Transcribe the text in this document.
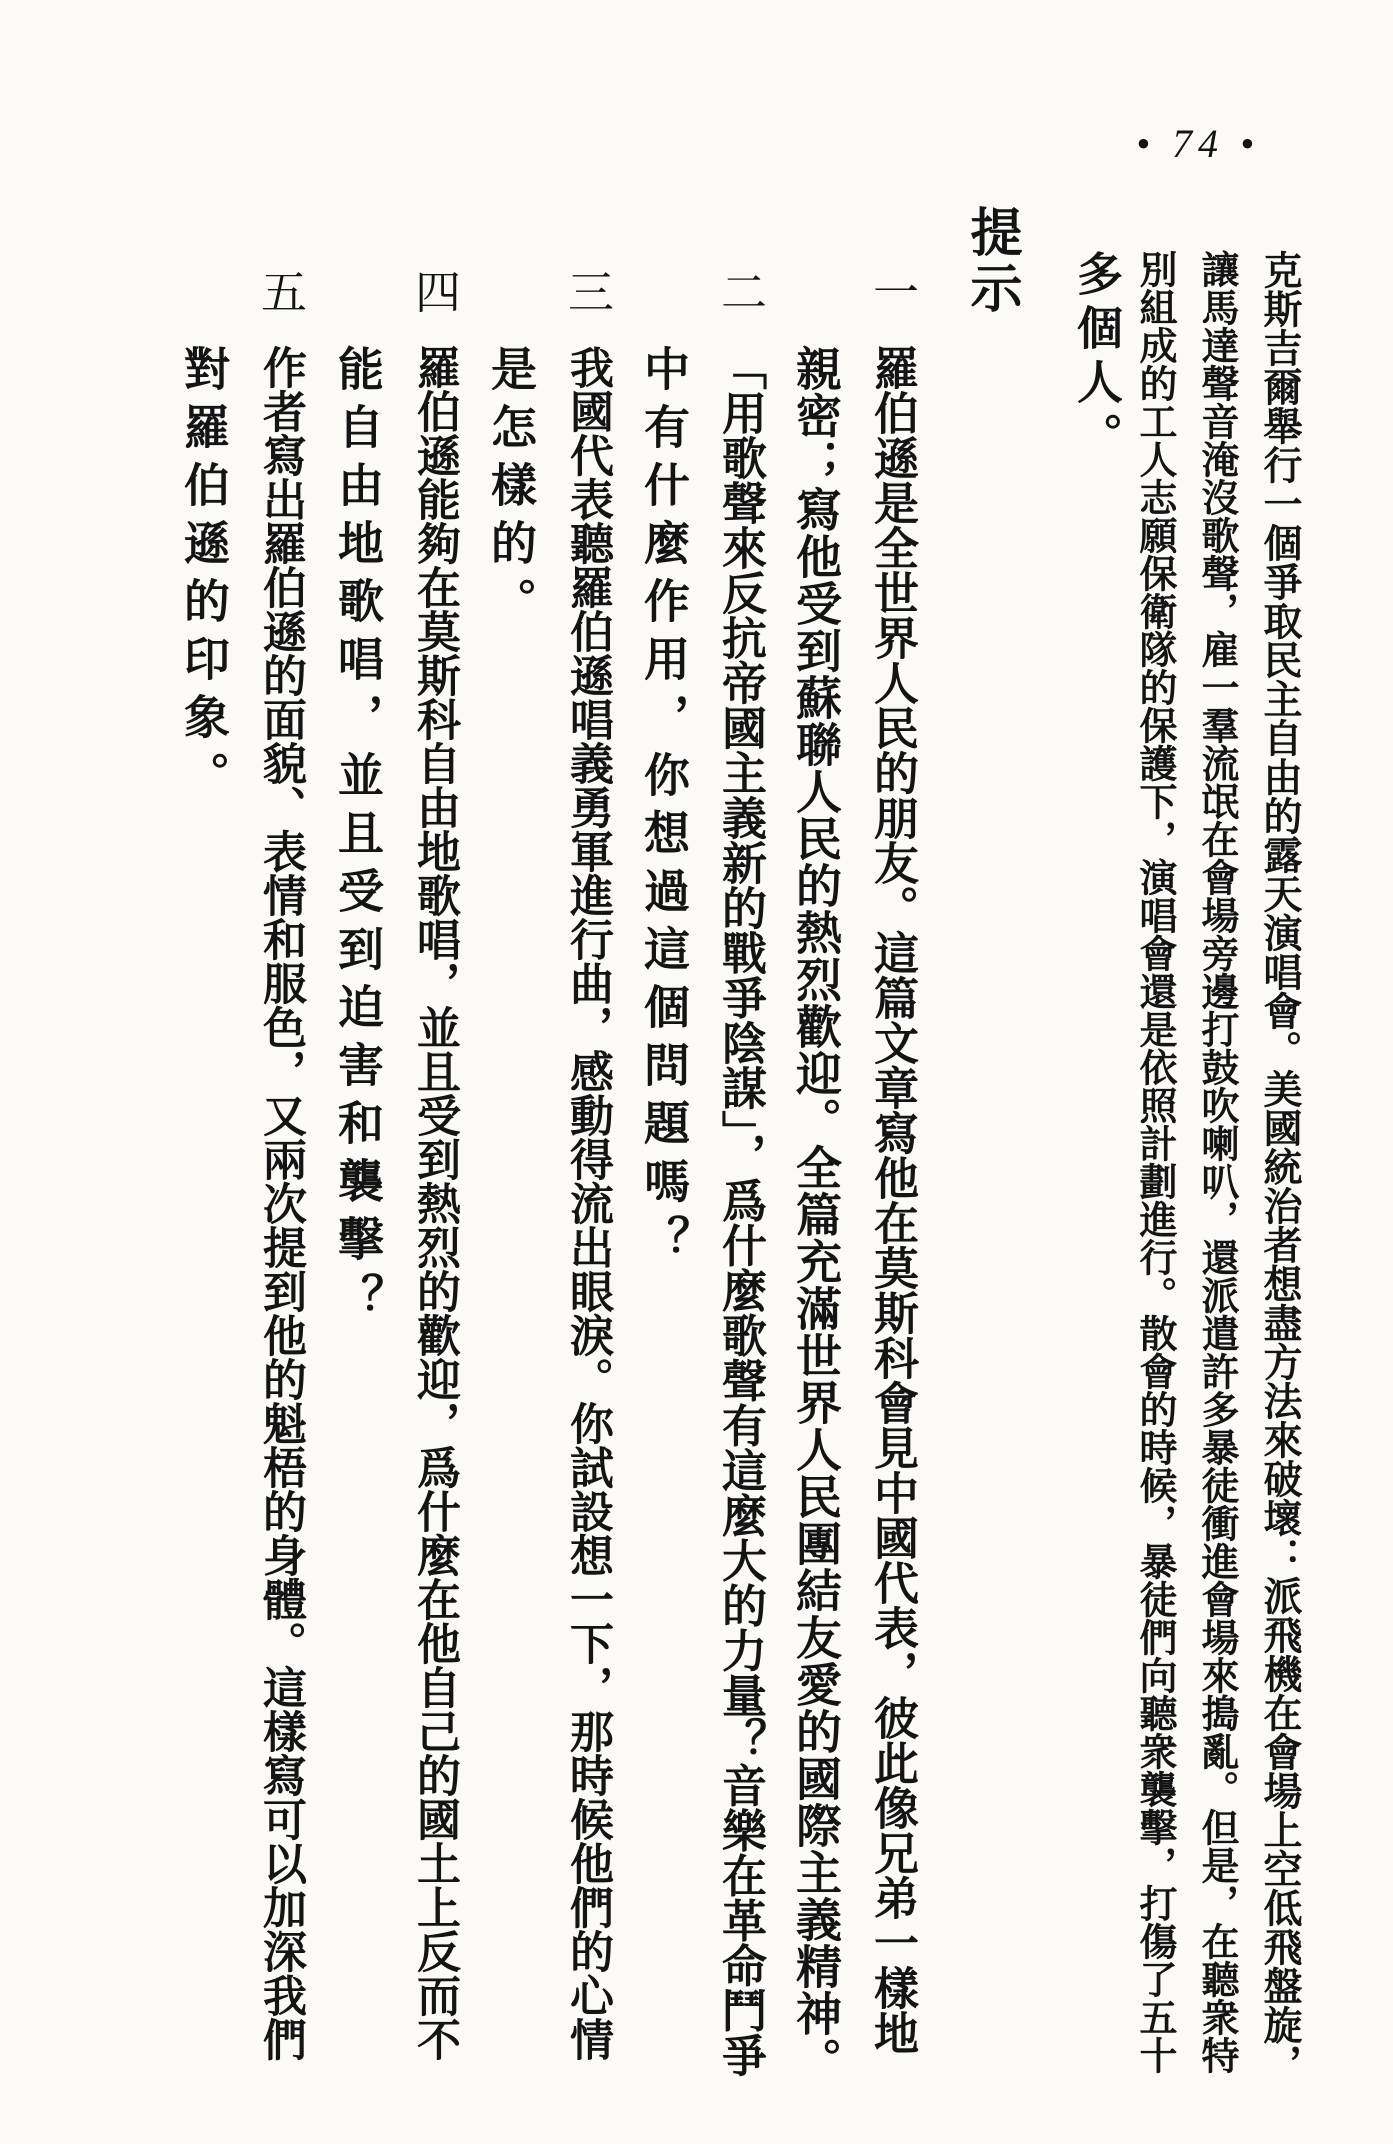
• 74 •
克斯吉爾舉行一個爭取民主自由的露天演唱會。美國統治者想盡方法來破壞：派飛機在會場上空低飛盤旋，
讓馬達聲音淹沒歌聲，雇一羣流氓在會場旁邊打鼓吹喇叭，還派遣許多暴徒衝進會場來搗亂。但是，在聽衆特
別組成的工人志願保衛隊的保護下，演唱會還是依照計劃進行。散會的時候，暴徒們向聽衆襲擊，打傷了五十
多個人。
提示
一
羅伯遜是全世界人民的朋友。這篇文章寫他在莫斯科會見中國代表，彼此像兄弟一樣地
親密；寫他受到蘇聯人民的熱烈歡迎。全篇充滿世界人民團結友愛的國際主義精神。
二
「用歌聲來反抗帝國主義新的戰爭陰謀」，爲什麼歌聲有這麼大的力量？音樂在革命鬥爭
中有什麼作用，你想過這個問題嗎？
三
我國代表聽羅伯遜唱義勇軍進行曲，感動得流出眼淚。你試設想一下，那時候他們的心情
是怎樣的。
四
羅伯遜能夠在莫斯科自由地歌唱，並且受到熱烈的歡迎，爲什麼在他自己的國土上反而不
能自由地歌唱，並且受到迫害和襲擊？
五
作者寫出羅伯遜的面貌、表情和服色，又兩次提到他的魁梧的身體。這樣寫可以加深我們
對羅伯遜的印象。
